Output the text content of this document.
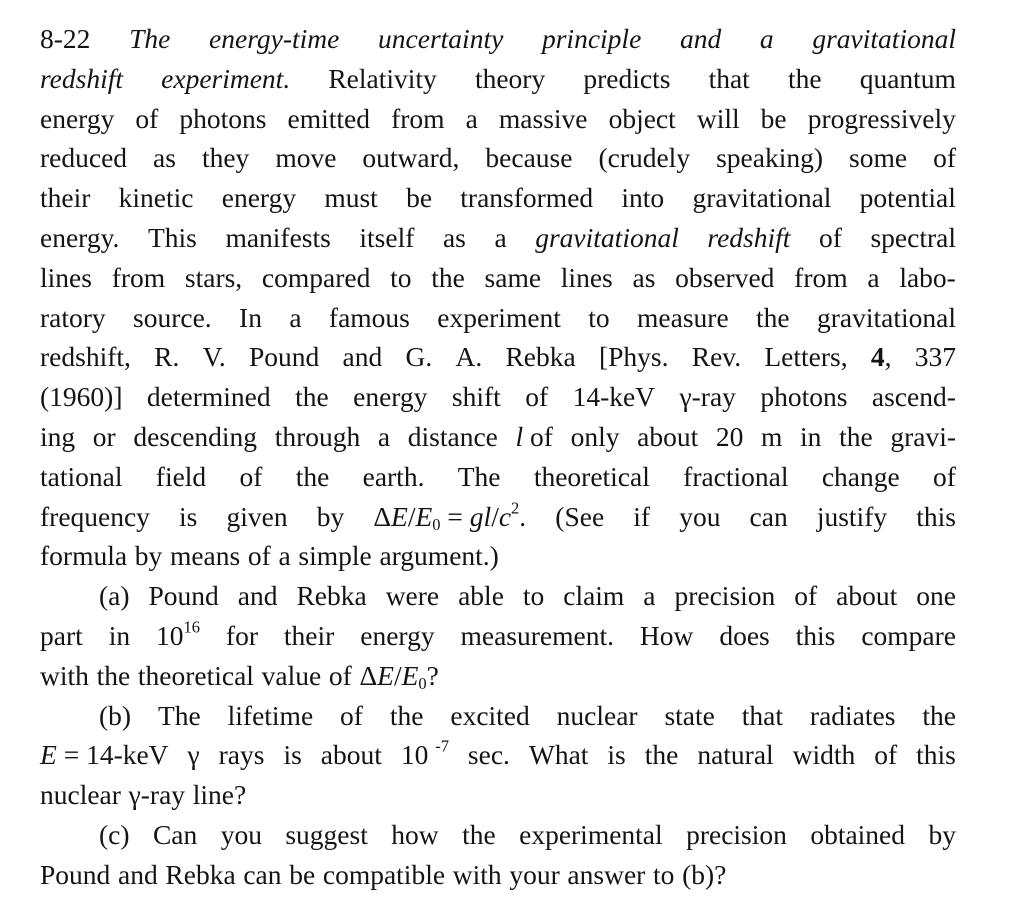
8-22 The energy-time uncertainty principle and a gravitational
redshift experiment. Relativity theory predicts that the quantum
energy of photons emitted from a massive object will be progressively
reduced as they move outward, because (crudely speaking) some of
their kinetic energy must be transformed into gravitational potential
energy. This manifests itself as a gravitational redshift of spectral
lines from stars, compared to the same lines as observed from a labo-
ratory source. In a famous experiment to measure the gravitational
redshift, R. V. Pound and G. A. Rebka [Phys. Rev. Letters, 4, 337
(1960)] determined the energy shift of 14-keV γ-ray photons ascend-
ing or descending through a distance l of only about 20 m in the gravi-
tational field of the earth. The theoretical fractional change of
frequency is given by $\Delta E/E_0 = gl/c^2$. (See if you can justify this
formula by means of a simple argument.)
(a) Pound and Rebka were able to claim a precision of about one
part in $10^{16}$ for their energy measurement. How does this compare
with the theoretical value of $\Delta E/E_0$?
(b) The lifetime of the excited nuclear state that radiates the
E = 14-keV γ rays is about 10 $^{-7}$ sec. What is the natural width of this
nuclear γ-ray line?
(c) Can you suggest how the experimental precision obtained by
Pound and Rebka can be compatible with your answer to (b)?
